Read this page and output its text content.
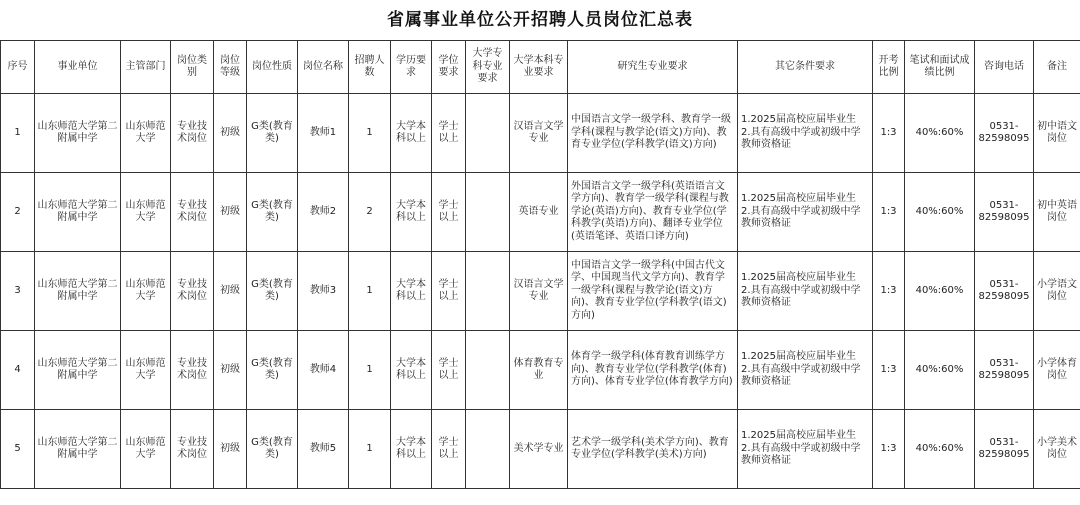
省属事业单位公开招聘人员岗位汇总表
序号	事业单位	主管部门	岗位类别	岗位等级	岗位性质	岗位名称	招聘人数	学历要求	学位要求	大学专科专业要求	大学本科专业要求	研究生专业要求	其它条件要求	开考比例	笔试和面试成绩比例	咨询电话	备注
1	山东师范大学第二附属中学	山东师范大学	专业技术岗位	初级	G类(教育类)	教师1	1	大学本科以上	学士以上		汉语言文学专业	中国语言文学一级学科、教育学一级学科(课程与教学论(语文)方向)、教育专业学位(学科教学(语文)方向)	1.2025届高校应届毕业生
2.具有高级中学或初级中学教师资格证	1:3	40%:60%	0531-82598095	初中语文岗位
2	山东师范大学第二附属中学	山东师范大学	专业技术岗位	初级	G类(教育类)	教师2	2	大学本科以上	学士以上		英语专业	外国语言文学一级学科(英语语言文学方向)、教育学一级学科(课程与教学论(英语)方向)、教育专业学位(学科教学(英语)方向)、翻译专业学位(英语笔译、英语口译方向)	1.2025届高校应届毕业生
2.具有高级中学或初级中学教师资格证	1:3	40%:60%	0531-82598095	初中英语岗位
3	山东师范大学第二附属中学	山东师范大学	专业技术岗位	初级	G类(教育类)	教师3	1	大学本科以上	学士以上		汉语言文学专业	中国语言文学一级学科(中国古代文学、中国现当代文学方向)、教育学一级学科(课程与教学论(语文)方向)、教育专业学位(学科教学(语文)方向)	1.2025届高校应届毕业生
2.具有高级中学或初级中学教师资格证	1:3	40%:60%	0531-82598095	小学语文岗位
4	山东师范大学第二附属中学	山东师范大学	专业技术岗位	初级	G类(教育类)	教师4	1	大学本科以上	学士以上		体育教育专业	体育学一级学科(体育教育训练学方向)、教育专业学位(学科教学(体育)方向)、体育专业学位(体育教学方向)	1.2025届高校应届毕业生
2.具有高级中学或初级中学教师资格证	1:3	40%:60%	0531-82598095	小学体育岗位
5	山东师范大学第二附属中学	山东师范大学	专业技术岗位	初级	G类(教育类)	教师5	1	大学本科以上	学士以上		美术学专业	艺术学一级学科(美术学方向)、教育专业学位(学科教学(美术)方向)	1.2025届高校应届毕业生
2.具有高级中学或初级中学教师资格证	1:3	40%:60%	0531-82598095	小学美术岗位
